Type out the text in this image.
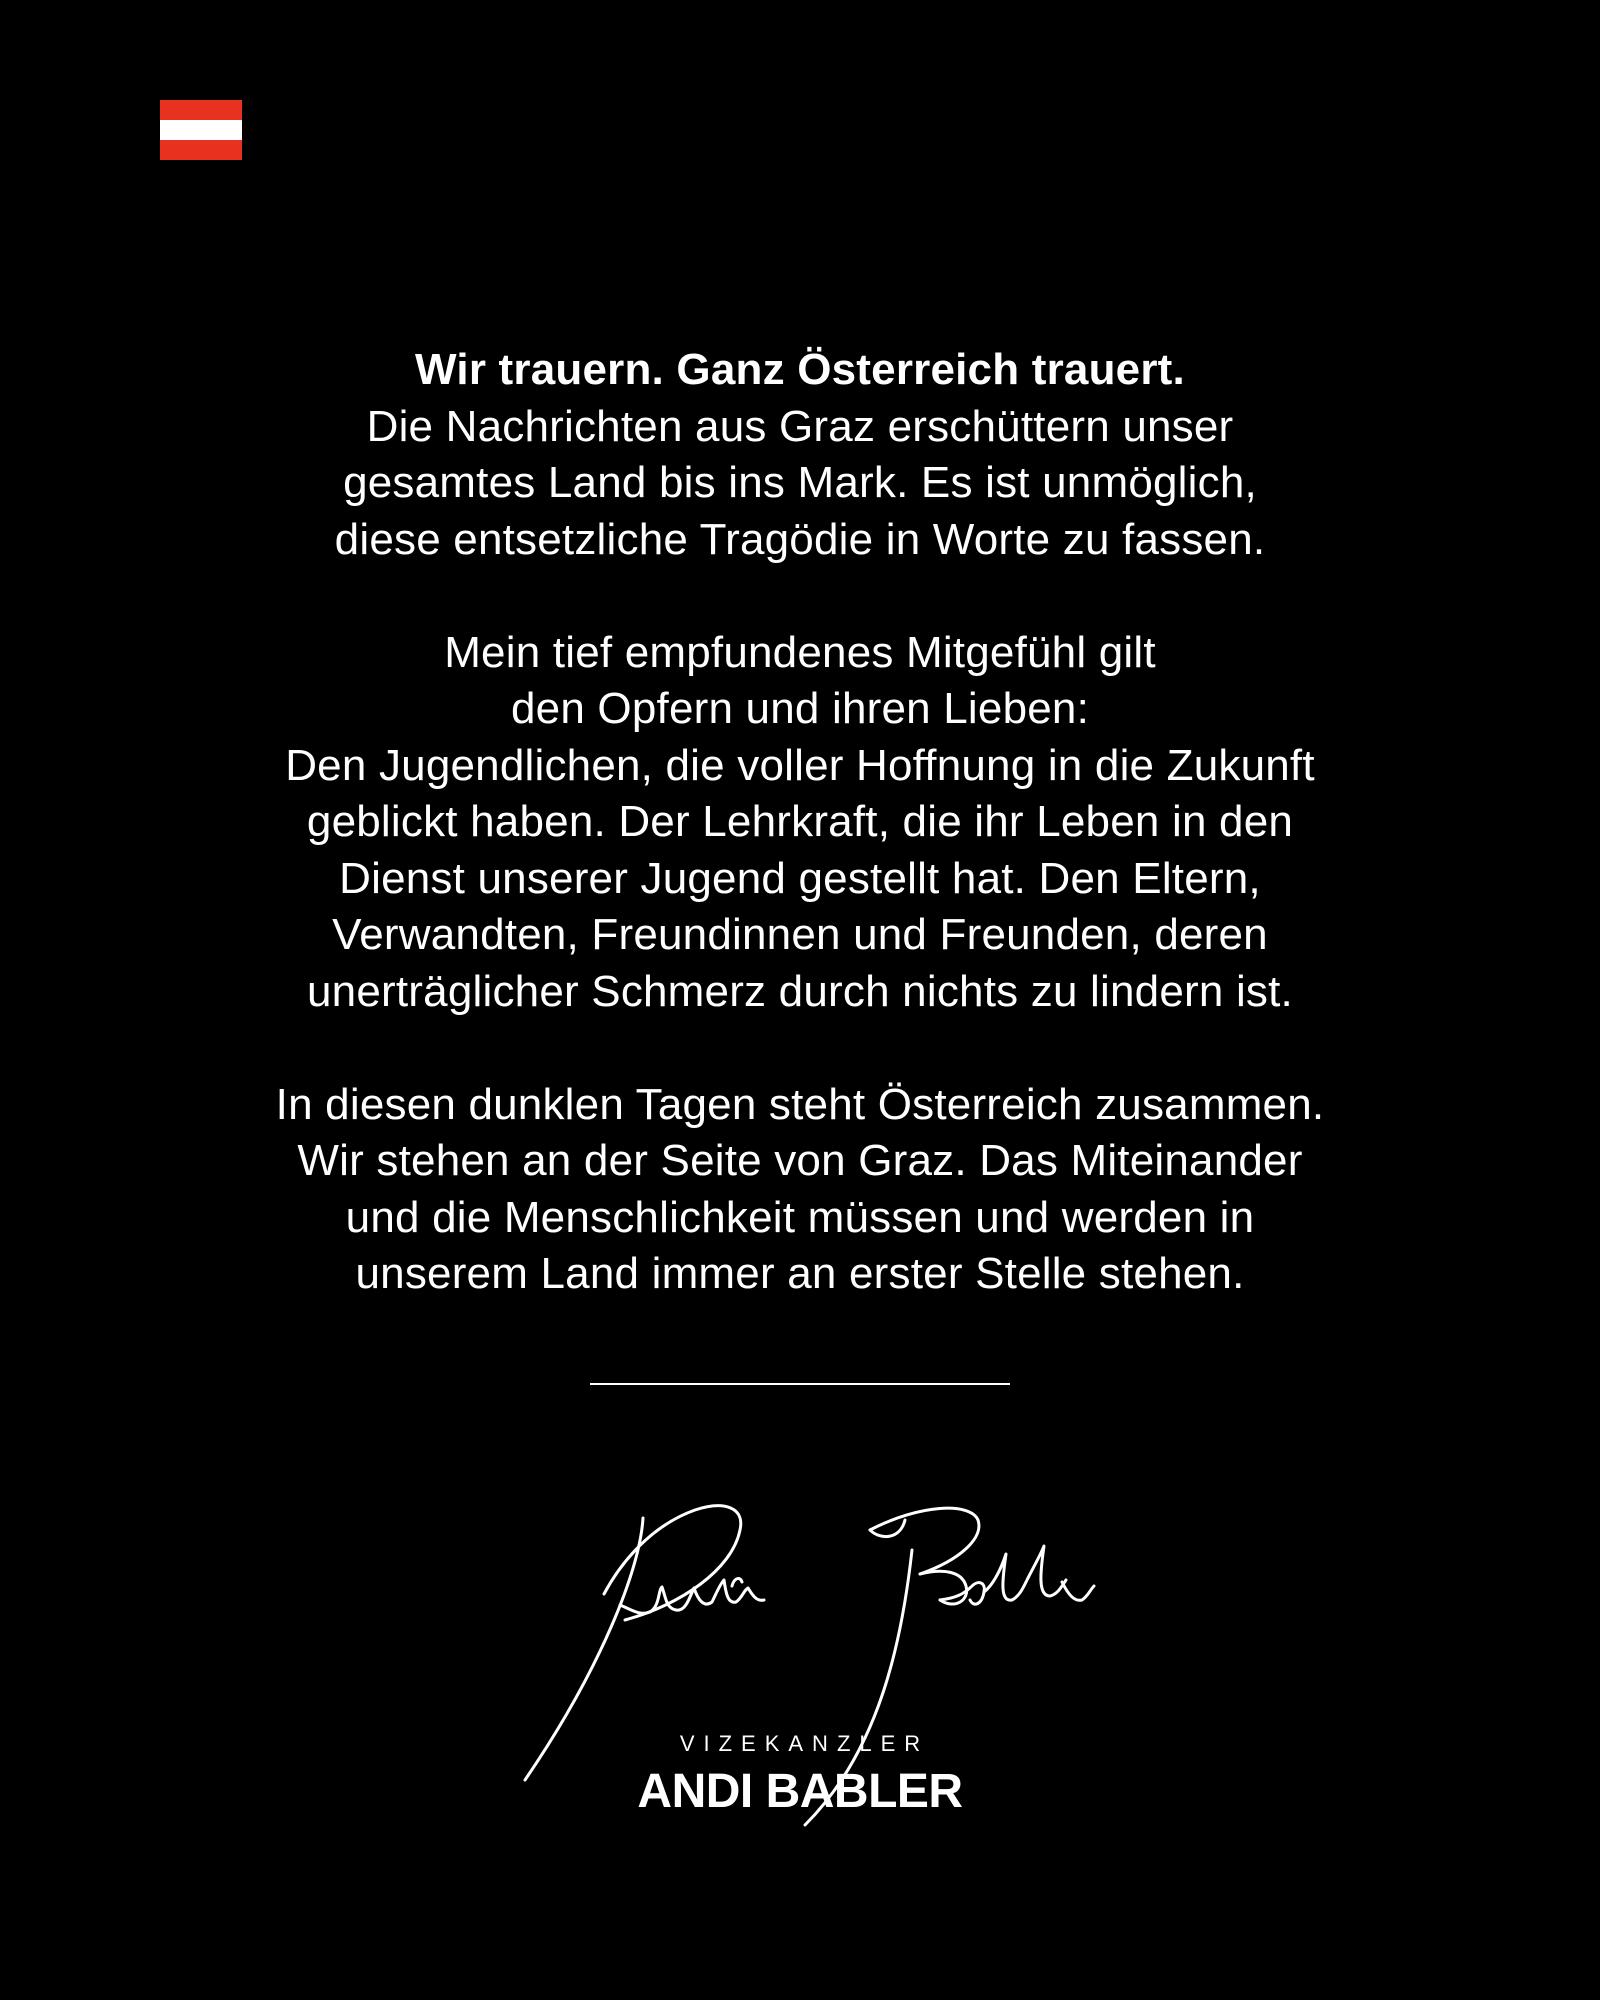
Wir trauern. Ganz Österreich trauert.
Die Nachrichten aus Graz erschüttern unser
gesamtes Land bis ins Mark. Es ist unmöglich,
diese entsetzliche Tragödie in Worte zu fassen.
Mein tief empfundenes Mitgefühl gilt
den Opfern und ihren Lieben:
Den Jugendlichen, die voller Hoffnung in die Zukunft
geblickt haben. Der Lehrkraft, die ihr Leben in den
Dienst unserer Jugend gestellt hat. Den Eltern,
Verwandten, Freundinnen und Freunden, deren
unerträglicher Schmerz durch nichts zu lindern ist.
In diesen dunklen Tagen steht Österreich zusammen.
Wir stehen an der Seite von Graz. Das Miteinander
und die Menschlichkeit müssen und werden in
unserem Land immer an erster Stelle stehen.
VIZEKANZLER
ANDI BABLER
